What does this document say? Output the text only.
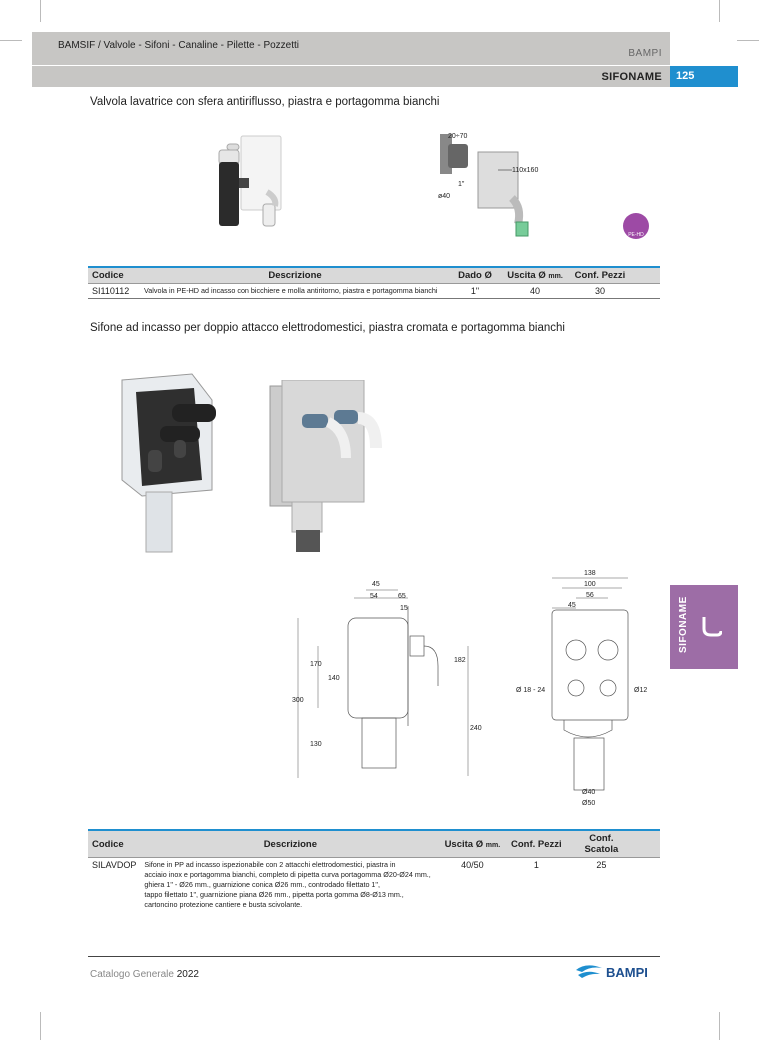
BAMPI
SIFONAME
BAMSIF / Valvole - Sifoni - Canaline - Pilette - Pozzetti
125
Valvola lavatrice con sfera antiriflusso, piastra e portagomma bianchi
20÷70
110x160
ø40
1"
PE-HD
Codice	Descrizione	Dado Ø	Uscita Ø mm.	Conf. Pezzi	
SI110112	Valvola in PE-HD ad incasso con bicchiere e molla antiritorno, piastra e portagomma bianchi	1"	40	30	
Sifone ad incasso per doppio attacco elettrodomestici, piastra cromata e portagomma bianchi
45
54	65
15
170
140
182
300
240
130
138
100
56
45
Ø 18 - 24	Ø12
Ø40
Ø50
SIFONAME
Codice	Descrizione	Uscita Ø mm.	Conf. Pezzi	Conf. Scatola	
SILAVDOP	Sifone in PP ad incasso ispezionabile con 2 attacchi elettrodomestici, piastra in
acciaio inox e portagomma bianchi, completo di pipetta curva portagomma Ø20-Ø24 mm.,
ghiera 1" - Ø26 mm., guarnizione conica Ø26 mm., controdado filettato 1",
tappo filettato 1", guarnizione piana Ø26 mm., pipetta porta gomma Ø8-Ø13 mm.,
cartoncino protezione cantiere e busta scivolante.	40/50	1	25	
Catalogo Generale 2022	BAMPI
